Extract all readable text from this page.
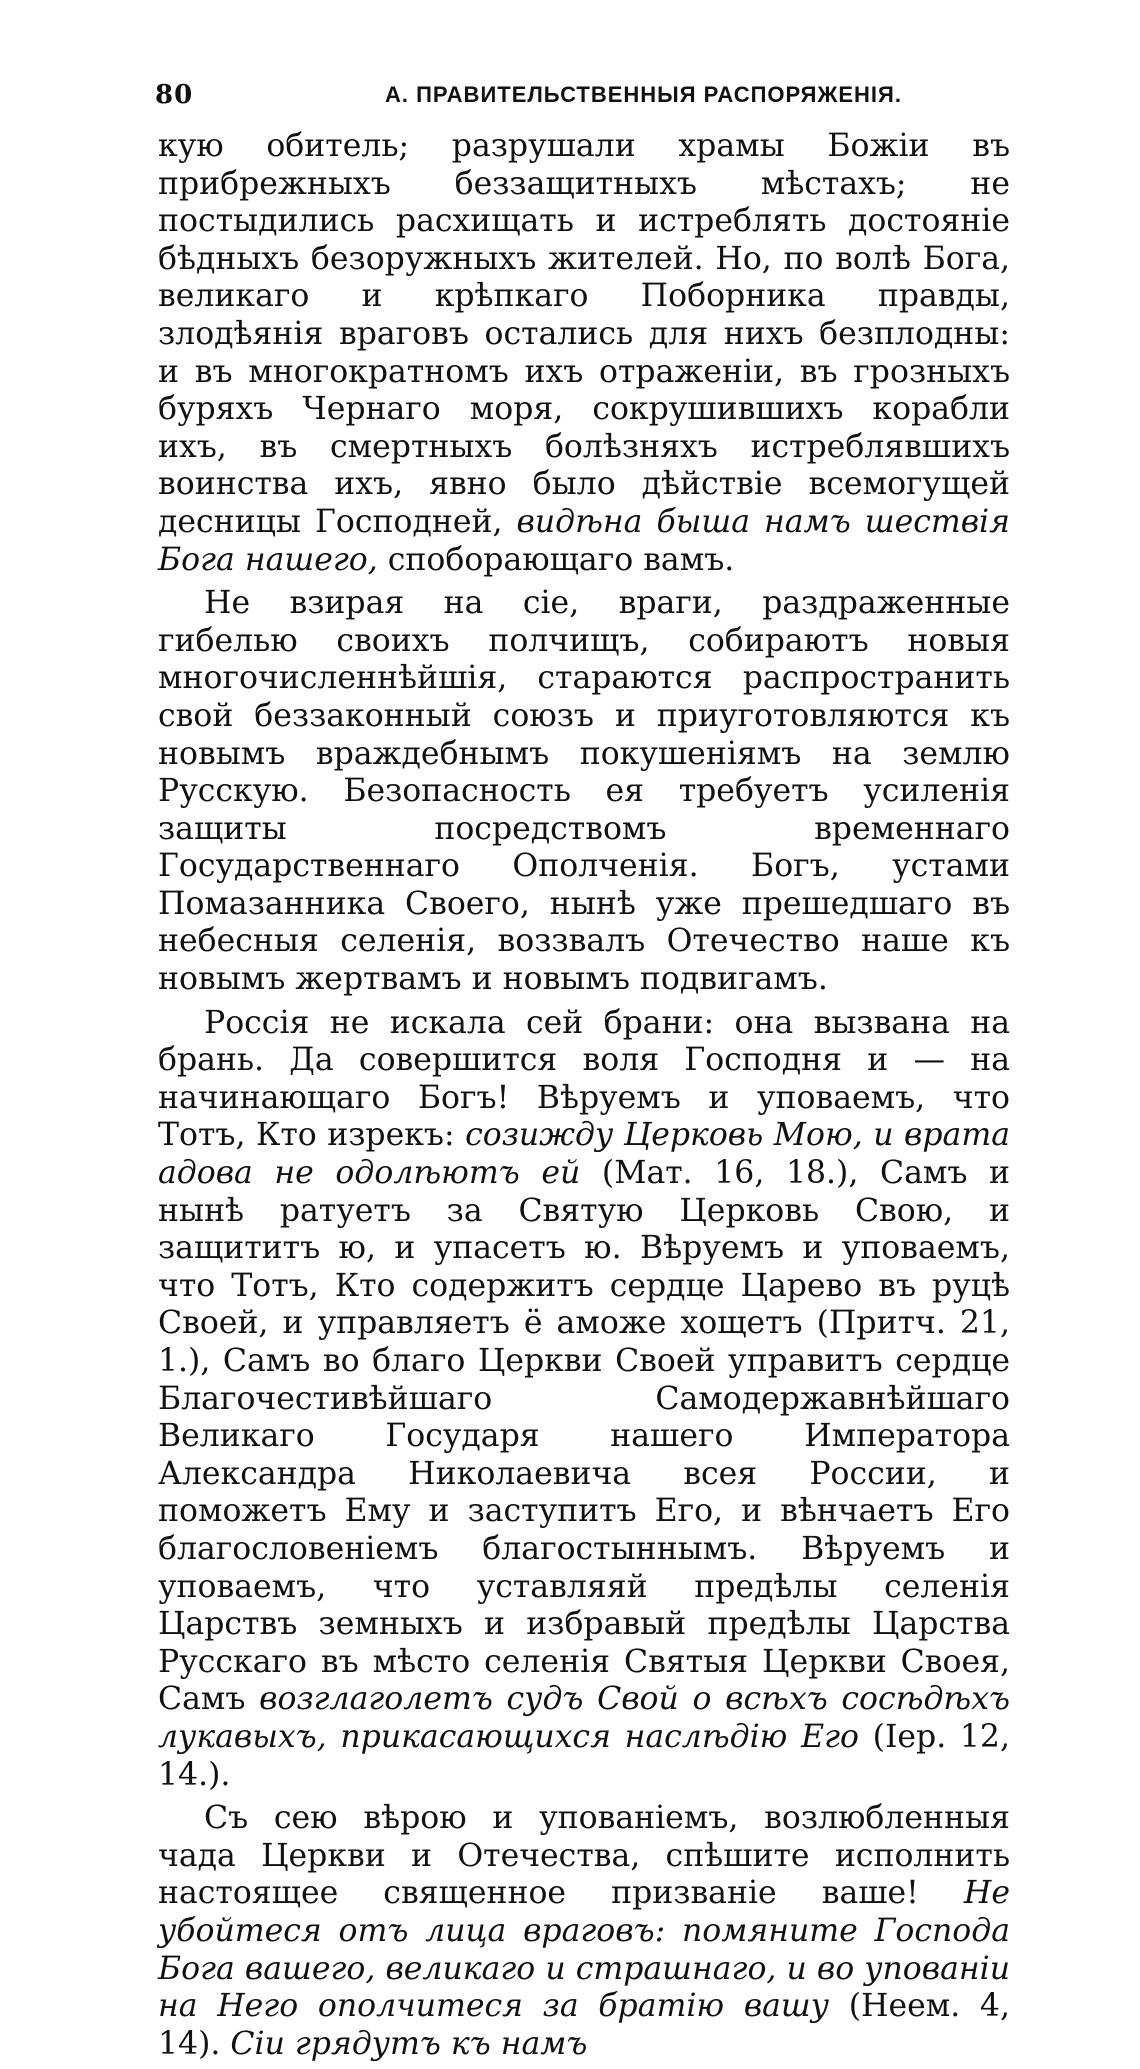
80	А. ПРАВИТЕЛЬСТВЕННЫЯ РАСПОРЯЖЕНІЯ.

кую обитель; разрушали храмы Божіи въ прибрежныхъ беззащитныхъ мѣстахъ; не постыдились расхищать и истреблять достояніе бѣдныхъ безоружныхъ жителей. Но, по волѣ Бога, великаго и крѣпкаго Поборника правды, злодѣянія враговъ остались для нихъ безплодны: и въ многократномъ ихъ отраженіи, въ грозныхъ буряхъ Чернаго моря, сокрушившихъ корабли ихъ, въ смертныхъ болѣзняхъ истреблявшихъ воинства ихъ, явно было дѣйствіе всемогущей десницы Господней, видѣна быша намъ шествія Бога нашего, споборающаго вамъ.

Не взирая на сіе, враги, раздраженные гибелью своихъ полчищъ, собираютъ новыя многочисленнѣйшія, стараются распространить свой беззаконный союзъ и приуготовляются къ новымъ враждебнымъ покушеніямъ на землю Русскую. Безопасность ея требуетъ усиленія защиты посредствомъ временнаго Государственнаго Ополченія. Богъ, устами Помазанника Своего, нынѣ уже прешедшаго въ небесныя селенія, воззвалъ Отечество наше къ новымъ жертвамъ и новымъ подвигамъ.

Россія не искала сей брани: она вызвана на брань. Да совершится воля Господня и — на начинающаго Богъ! Вѣруемъ и уповаемъ, что Тотъ, Кто изрекъ: созижду Церковь Мою, и врата адова не одолѣютъ ей (Мат. 16, 18.), Самъ и нынѣ ратуетъ за Святую Церковь Свою, и защититъ ю, и упасетъ ю. Вѣруемъ и уповаемъ, что Тотъ, Кто содержитъ сердце Царево въ руцѣ Своей, и управляетъ ё аможе хощетъ (Притч. 21, 1.), Самъ во благо Церкви Своей управитъ сердце Благочестивѣйшаго Самодержавнѣйшаго Великаго Государя нашего Императора Александра Николаевича всея России, и поможетъ Ему и заступитъ Его, и вѣнчаетъ Его благословеніемъ благостыннымъ. Вѣруемъ и уповаемъ, что уставляяй предѣлы селенія Царствъ земныхъ и избравый предѣлы Царства Русскаго въ мѣсто селенія Святыя Церкви Своея, Самъ возглаголетъ судъ Свой о всѣхъ сосѣдѣхъ лукавыхъ, прикасающихся наслѣдію Его (Іер. 12, 14.).

Съ сею вѣрою и упованіемъ, возлюбленныя чада Церкви и Отечества, спѣшите исполнить настоящее священное призваніе ваше! Не убойтеся отъ лица враговъ: помяните Господа Бога вашего, великаго и страшнаго, и во упованіи на Него ополчитеся за братію вашу (Неем. 4, 14). Сіи грядутъ къ намъ
